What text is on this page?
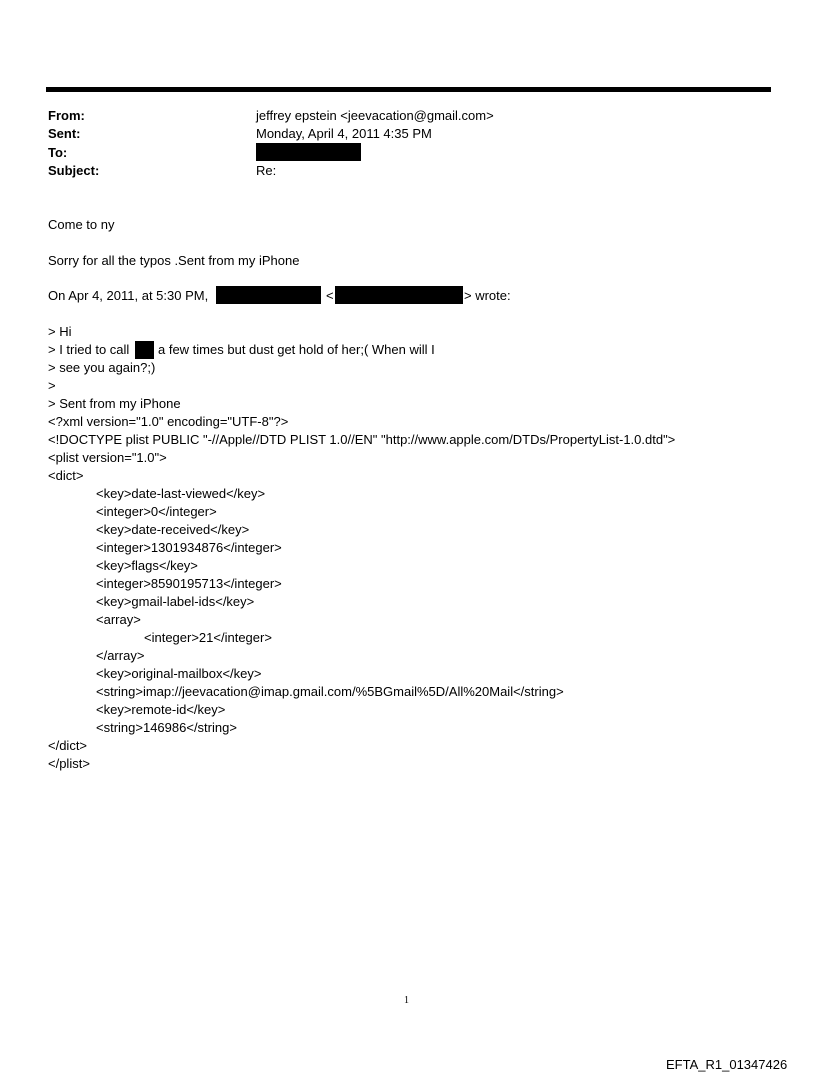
From:	jeffrey epstein <jeevacation@gmail.com>
Sent:	Monday, April 4, 2011 4:35 PM
To:
Subject:	Re:
Come to ny
Sorry for all the typos .Sent from my iPhone
On Apr 4, 2011, at 5:30 PM,	<	> wrote:
> Hi
> I tried to call a few times but dust get hold of her;( When will I
> see you again?;)
>
> Sent from my iPhone
<?xml version="1.0" encoding="UTF-8"?>
<!DOCTYPE plist PUBLIC "-//Apple//DTD PLIST 1.0//EN" "http://www.apple.com/DTDs/PropertyList-1.0.dtd">
<plist version="1.0">
<dict>
<key>date-last-viewed</key>
<integer>0</integer>
<key>date-received</key>
<integer>1301934876</integer>
<key>flags</key>
<integer>8590195713</integer>
<key>gmail-label-ids</key>
<array>
<integer>21</integer>
</array>
<key>original-mailbox</key>
<string>imap://jeevacation@imap.gmail.com/%5BGmail%5D/All%20Mail</string>
<key>remote-id</key>
<string>146986</string>
</dict>
</plist>
1
EFTA_R1_01347426
